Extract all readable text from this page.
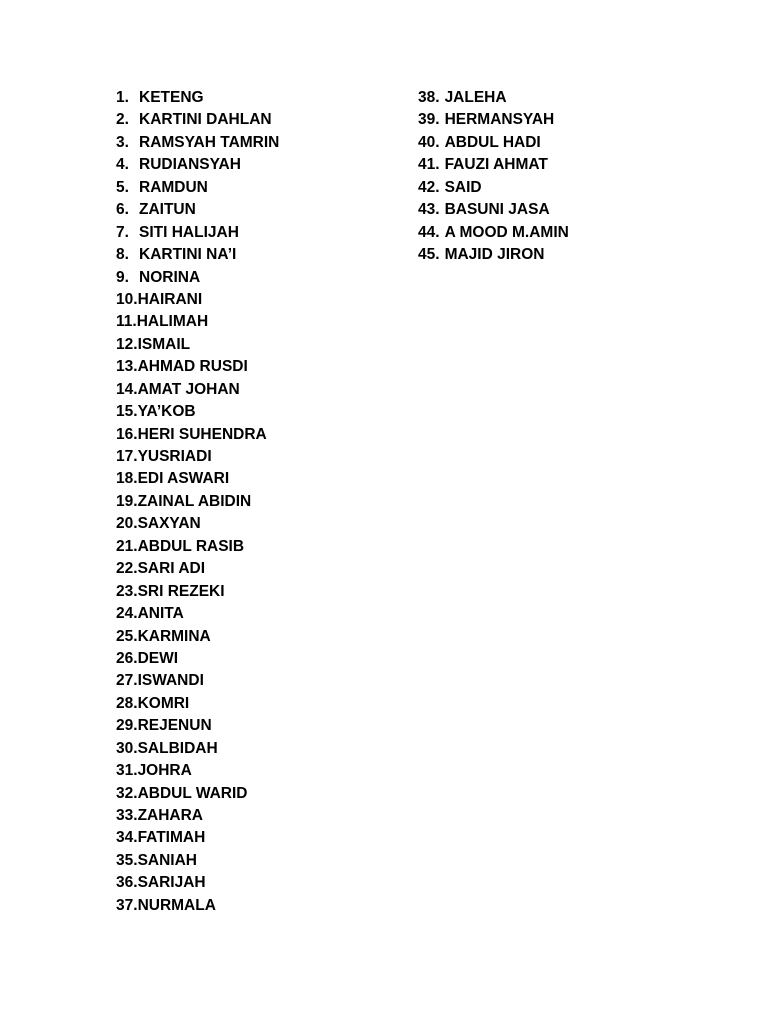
1. KETENG
2. KARTINI DAHLAN
3. RAMSYAH TAMRIN
4. RUDIANSYAH
5. RAMDUN
6. ZAITUN
7. SITI HALIJAH
8. KARTINI NA’I
9. NORINA
10. HAIRANI
11. HALIMAH
12. ISMAIL
13. AHMAD RUSDI
14. AMAT JOHAN
15. YA’KOB
16. HERI SUHENDRA
17. YUSRIADI
18. EDI ASWARI
19. ZAINAL ABIDIN
20. SAXYAN
21. ABDUL RASIB
22. SARI ADI
23. SRI REZEKI
24. ANITA
25. KARMINA
26. DEWI
27. ISWANDI
28. KOMRI
29. REJENUN
30. SALBIDAH
31. JOHRA
32. ABDUL WARID
33. ZAHARA
34. FATIMAH
35. SANIAH
36. SARIJAH
37. NURMALA
38. JALEHA
39. HERMANSYAH
40. ABDUL HADI
41. FAUZI AHMAT
42. SAID
43. BASUNI JASA
44. A MOOD M.AMIN
45. MAJID JIRON
